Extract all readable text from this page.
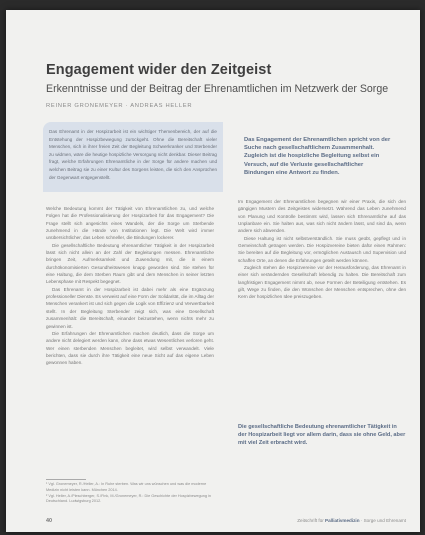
Engagement wider den Zeitgeist
Erkenntnisse und der Beitrag der Ehrenamtlichen im Netzwerk der Sorge
REINER GRONEMEYER · ANDREAS HELLER
Das Ehrenamt in der Hospizarbeit ist ein wichtiger Themenbereich, der auf die Entstehung der Hospizbewegung zurückgeht. Ohne die Bereitschaft vieler Menschen, sich in ihrer freien Zeit der Begleitung Schwerkranker und Sterbender zu widmen, wäre die heutige hospizliche Versorgung nicht denkbar. Dieser Beitrag fragt, welche Erfahrungen Ehrenamtliche in der Sorge für andere machen und welchen Beitrag sie zu einer Kultur des Sorgens leisten, die sich den Ansprüchen der Gegenwart entgegenstellt.
Das Engagement der Ehrenamtlichen spricht von der Suche nach gesellschaftlichem Zusammenhalt. Zugleich ist die hospizliche Begleitung selbst ein Versuch, auf die Verluste gesellschaftlicher Bindungen eine Antwort zu finden.

Welche Bedeutung kommt der Tätigkeit von Ehrenamtlichen zu, und welche Folgen hat die Professionalisierung der Hospizarbeit für das Engagement? Die Frage stellt sich angesichts eines Wandels, der die Sorge um Sterbende zunehmend in die Hände von Institutionen legt. Die Welt wird immer unübersichtlicher, das Leben schneller, die Bindungen lockerer.

Die gesellschaftliche Bedeutung ehrenamtlicher Tätigkeit in der Hospizarbeit lässt sich nicht allein an der Zahl der Begleitungen messen. Ehrenamtliche bringen Zeit, Aufmerksamkeit und Zuwendung mit, die in einem durchökonomisierten Gesundheitswesen knapp geworden sind. Sie stehen für eine Haltung, die dem Sterben Raum gibt und dem Menschen in seiner letzten Lebensphase mit Respekt begegnet.

Das Ehrenamt in der Hospizarbeit ist dabei mehr als eine Ergänzung professioneller Dienste. Es verweist auf eine Form der Solidarität, die im Alltag der Menschen verankert ist und sich gegen die Logik von Effizienz und Verwertbarkeit stellt. In der Begleitung Sterbender zeigt sich, was eine Gesellschaft zusammenhält: die Bereitschaft, einander beizustehen, wenn nichts mehr zu gewinnen ist.

Die Erfahrungen der Ehrenamtlichen machen deutlich, dass die Sorge um andere nicht delegiert werden kann, ohne dass etwas Wesentliches verloren geht. Wer einen sterbenden Menschen begleitet, wird selbst verwandelt. Viele berichten, dass sie durch ihre Tätigkeit eine neue Sicht auf das eigene Leben gewonnen haben.

Im Engagement der Ehrenamtlichen begegnen wir einer Praxis, die sich den gängigen Mustern des Zeitgeistes widersetzt. Während das Leben zunehmend von Planung und Kontrolle bestimmt wird, lassen sich Ehrenamtliche auf das Unplanbare ein. Sie halten aus, was sich nicht ändern lässt, und sind da, wenn andere sich abwenden.

Diese Haltung ist nicht selbstverständlich. Sie muss geübt, gepflegt und in Gemeinschaft getragen werden. Die Hospizvereine bieten dafür einen Rahmen: Sie bereiten auf die Begleitung vor, ermöglichen Austausch und Supervision und schaffen Orte, an denen die Erfahrungen geteilt werden können.

Zugleich stehen die Hospizvereine vor der Herausforderung, das Ehrenamt in einer sich verändernden Gesellschaft lebendig zu halten. Die Bereitschaft zum langfristigen Engagement nimmt ab, neue Formen der Beteiligung entstehen. Es gilt, Wege zu finden, die den Wünschen der Menschen entsprechen, ohne den Kern der hospizlichen Idee preiszugeben.

Die gesellschaftliche Bedeutung ehrenamtlicher Tätigkeit in der Hospizarbeit liegt vor allem darin, dass sie ohne Geld, aber mit viel Zeit erbracht wird.
¹ Vgl. Gronemeyer, R./Heller, A.: In Ruhe sterben. Was wir uns wünschen und was die moderne Medizin nicht leisten kann. München 2014.
² Vgl. Heller, A./Pleschberger, S./Fink, M./Gronemeyer, R.: Die Geschichte der Hospizbewegung in Deutschland. Ludwigsburg 2012.
40	Zeitschrift für Palliativmedizin · Sorge und Ehrenamt
